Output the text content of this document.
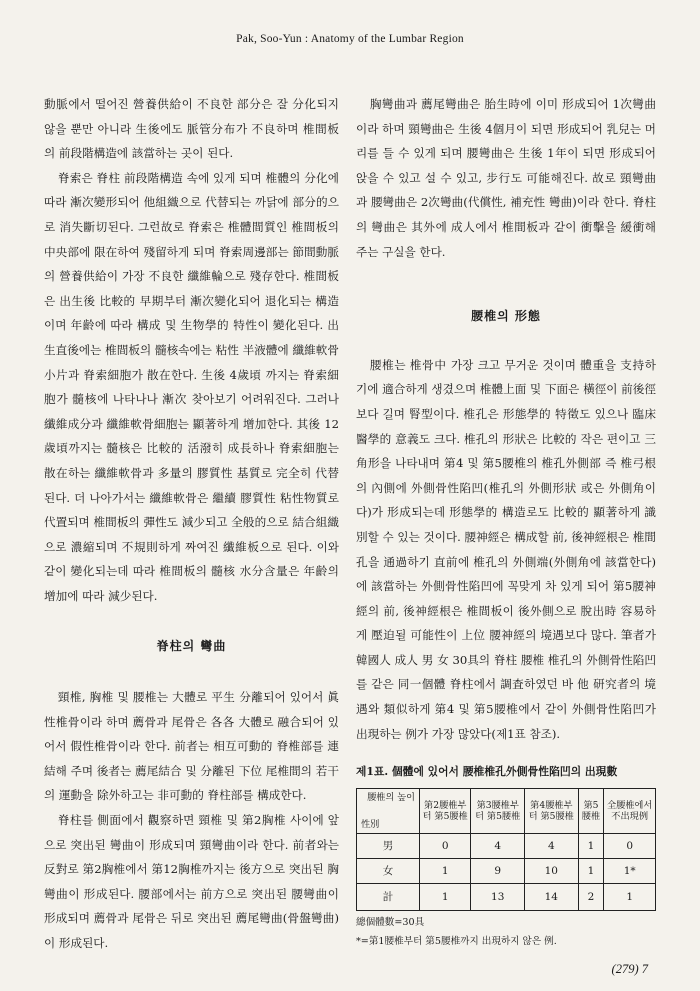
Pak, Soo-Yun : Anatomy of the Lumbar Region

動脈에서 떨어진 營養供給이 不良한 部分은 잘 分化되지 않을 뿐만 아니라 生後에도 脈管分布가 不良하며 椎間板의 前段階構造에 該當하는 곳이 된다.

脊索은 脊柱 前段階構造 속에 있게 되며 椎體의 分化에 따라 漸次變形되어 他組織으로 代替되는 까닭에 部分的으로 消失斷切된다. 그런故로 脊索은 椎體間質인 椎間板의 中央部에 限在하여 殘留하게 되며 脊索周邊部는 節間動脈의 營養供給이 가장 不良한 纖維輪으로 殘存한다. 椎間板은 出生後 比較的 早期부터 漸次變化되어 退化되는 構造이며 年齡에 따라 構成 및 生物學的 特性이 變化된다. 出生直後에는 椎間板의 髓核속에는 粘性 半液體에 纖維軟骨小片과 脊索細胞가 散在한다. 生後 4歲頃 까지는 脊索細胞가 髓核에 나타나나 漸次 찾아보기 어려워진다. 그러나 纖維成分과 纖維軟骨細胞는 顯著하게 增加한다. 其後 12歲頃까지는 髓核은 比較的 活潑히 成長하나 脊索細胞는 散在하는 纖維軟骨과 多量의 膠質性 基質로 完全히 代替된다. 더 나아가서는 纖維軟骨은 繼續 膠質性 粘性物質로 代置되며 椎間板의 彈性도 減少되고 全般的으로 結合組織으로 濃縮되며 不規則하게 짜여진 纖維板으로 된다. 이와 같이 變化되는데 따라 椎間板의 髓核 水分含量은 年齡의 增加에 따라 減少된다.

脊柱의 彎曲

頸椎, 胸椎 및 腰椎는 大體로 平生 分離되어 있어서 眞性椎骨이라 하며 薦骨과 尾骨은 各各 大體로 融合되어 있어서 假性椎骨이라 한다. 前者는 相互可動的 脊椎部를 連結해 주며 後者는 薦尾結合 및 分離된 下位 尾椎間의 若干의 運動을 除外하고는 非可動的 脊柱部를 構成한다.

脊柱를 側面에서 觀察하면 頸椎 및 第2胸椎 사이에 앞으로 突出된 彎曲이 形成되며 頸彎曲이라 한다. 前者와는 反對로 第2胸椎에서 第12胸椎까지는 後方으로 突出된 胸彎曲이 形成된다. 腰部에서는 前方으로 突出된 腰彎曲이 形成되며 薦骨과 尾骨은 뒤로 突出된 薦尾彎曲(骨盤彎曲)이 形成된다.

胸彎曲과 薦尾彎曲은 胎生時에 이미 形成되어 1次彎曲이라 하며 頸彎曲은 生後 4個月이 되면 形成되어 乳兒는 머리를 들 수 있게 되며 腰彎曲은 生後 1年이 되면 形成되어 앉을 수 있고 설 수 있고, 步行도 可能해진다. 故로 頸彎曲과 腰彎曲은 2次彎曲(代償性, 補充性 彎曲)이라 한다. 脊柱의 彎曲은 其外에 成人에서 椎間板과 같이 衝擊을 緩衝해 주는 구실을 한다.

腰椎의 形態

腰椎는 椎骨中 가장 크고 무거운 것이며 體重을 支持하기에 適合하게 생겼으며 椎體上面 및 下面은 橫徑이 前後徑 보다 길며 腎型이다. 椎孔은 形態學的 特徵도 있으나 臨床醫學的 意義도 크다. 椎孔의 形狀은 比較的 작은 편이고 三角形을 나타내며 第4 및 第5腰椎의 椎孔外側部 즉 椎弓根의 內側에 外側骨性陷凹(椎孔의 外側形狀 或은 外側角이다)가 形成되는데 形態學的 構造로도 比較的 顯著하게 識別할 수 있는 것이다. 腰神經은 構成할 前, 後神經根은 椎間孔을 通過하기 直前에 椎孔의 外側端(外側角에 該當한다)에 該當하는 外側骨性陷凹에 꼭맞게 차 있게 되어 第5腰神經의 前, 後神經根은 椎間板이 後外側으로 脫出時 容易하게 壓迫될 可能性이 上位 腰神經의 境遇보다 많다. 筆者가 韓國人 成人 男 女 30具의 脊柱 腰椎 椎孔의 外側骨性陷凹를 같은 同一個體 脊柱에서 調査하였던 바 他 研究者의 境遇와 類似하게 第4 및 第5腰椎에서 같이 外側骨性陷凹가 出現하는 例가 가장 많았다(제1표 참조).

제1표. 個體에 있어서 腰椎椎孔外側骨性陷凹의 出現數
腰椎의 높이
性別	第2腰椎부터 第5腰椎	第3腰椎부터 第5腰椎	第4腰椎부터 第5腰椎	第5腰椎	全腰椎에서 不出現例
男	0	4	4	1	0
女	1	9	10	1	1*
計	1	13	14	2	1
總個體數=30具
*=第1腰椎부터 第5腰椎까지 出現하지 않은 例.
(279) 7
